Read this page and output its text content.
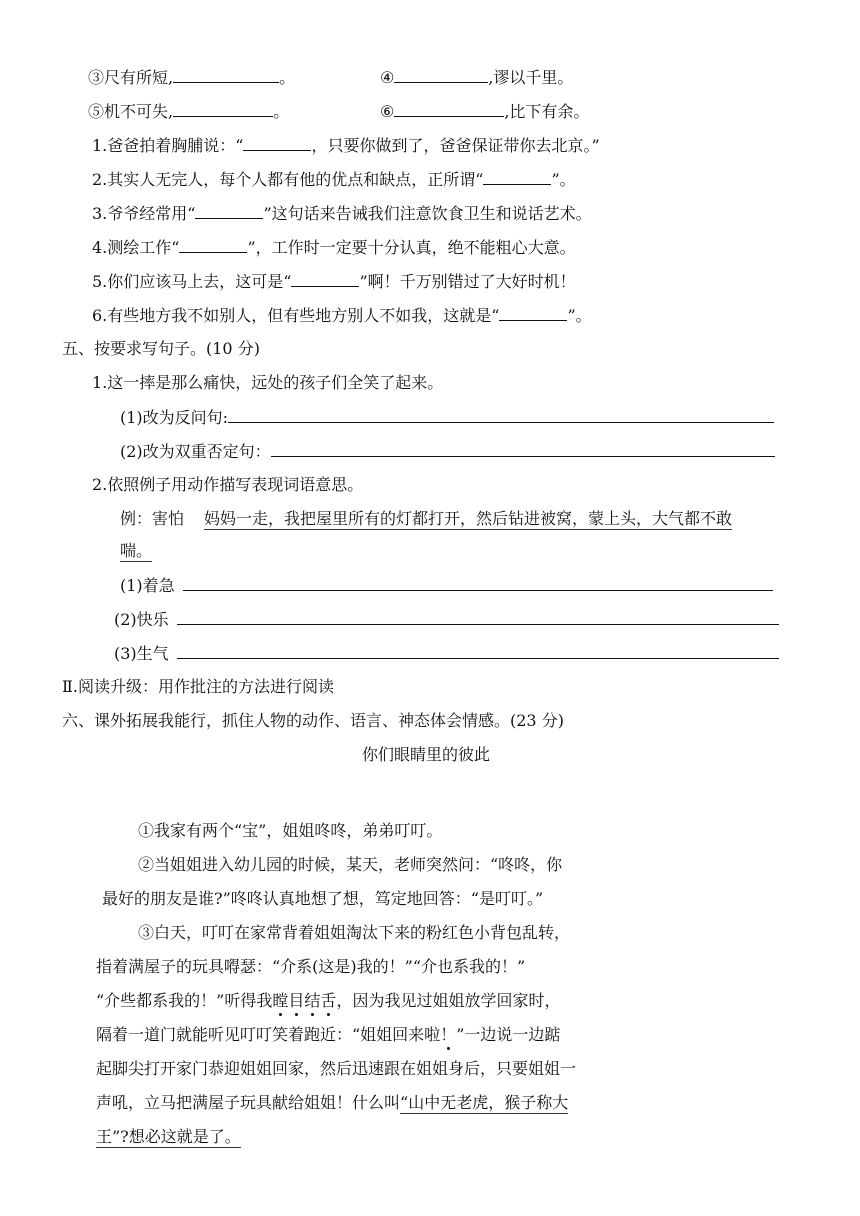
③尺有所短,	。	④	,谬以千里。
⑤机不可失,	。	⑥	,比下有余。
1.爸爸拍着胸脯说：“	，只要你做到了，爸爸保证带你去北京。”
2.其实人无完人，每个人都有他的优点和缺点，正所谓“	”。
3.爷爷经常用“	”这句话来告诫我们注意饮食卫生和说话艺术。
4.测绘工作“	”，工作时一定要十分认真，绝不能粗心大意。
5.你们应该马上去，这可是“	”啊！千万别错过了大好时机！
6.有些地方我不如别人，但有些地方别人不如我，这就是“	”。
五、按要求写句子。(10 分)
1.这一摔是那么痛快，远处的孩子们全笑了起来。
(1)改为反问句:
(2)改为双重否定句：
2.依照例子用动作描写表现词语意思。
例：害怕 妈妈一走，我把屋里所有的灯都打开，然后钻进被窝，蒙上头，大气都不敢
喘。
(1)着急
(2)快乐
(3)生气
Ⅱ.阅读升级：用作批注的方法进行阅读
六、课外拓展我能行，抓住人物的动作、语言、神态体会情感。(23 分)
你们眼睛里的彼此
①我家有两个“宝”，姐姐咚咚，弟弟叮叮。
②当姐姐进入幼儿园的时候，某天，老师突然问：“咚咚，你
最好的朋友是谁?”咚咚认真地想了想，笃定地回答：“是叮叮。”
③白天，叮叮在家常背着姐姐淘汰下来的粉红色小背包乱转，
指着满屋子的玩具嘚瑟：“介系(这是)我的！”“介也系我的！”
“介些都系我的！”听得我瞠目结舌，因为我见过姐姐放学回家时，
隔着一道门就能听见叮叮笑着跑近：“姐姐回来啦！”一边说一边踮
起脚尖打开家门恭迎姐姐回家，然后迅速跟在姐姐身后，只要姐姐一
声吼，立马把满屋子玩具献给姐姐！什么叫“山中无老虎，猴子称大
王”?想必这就是了。
